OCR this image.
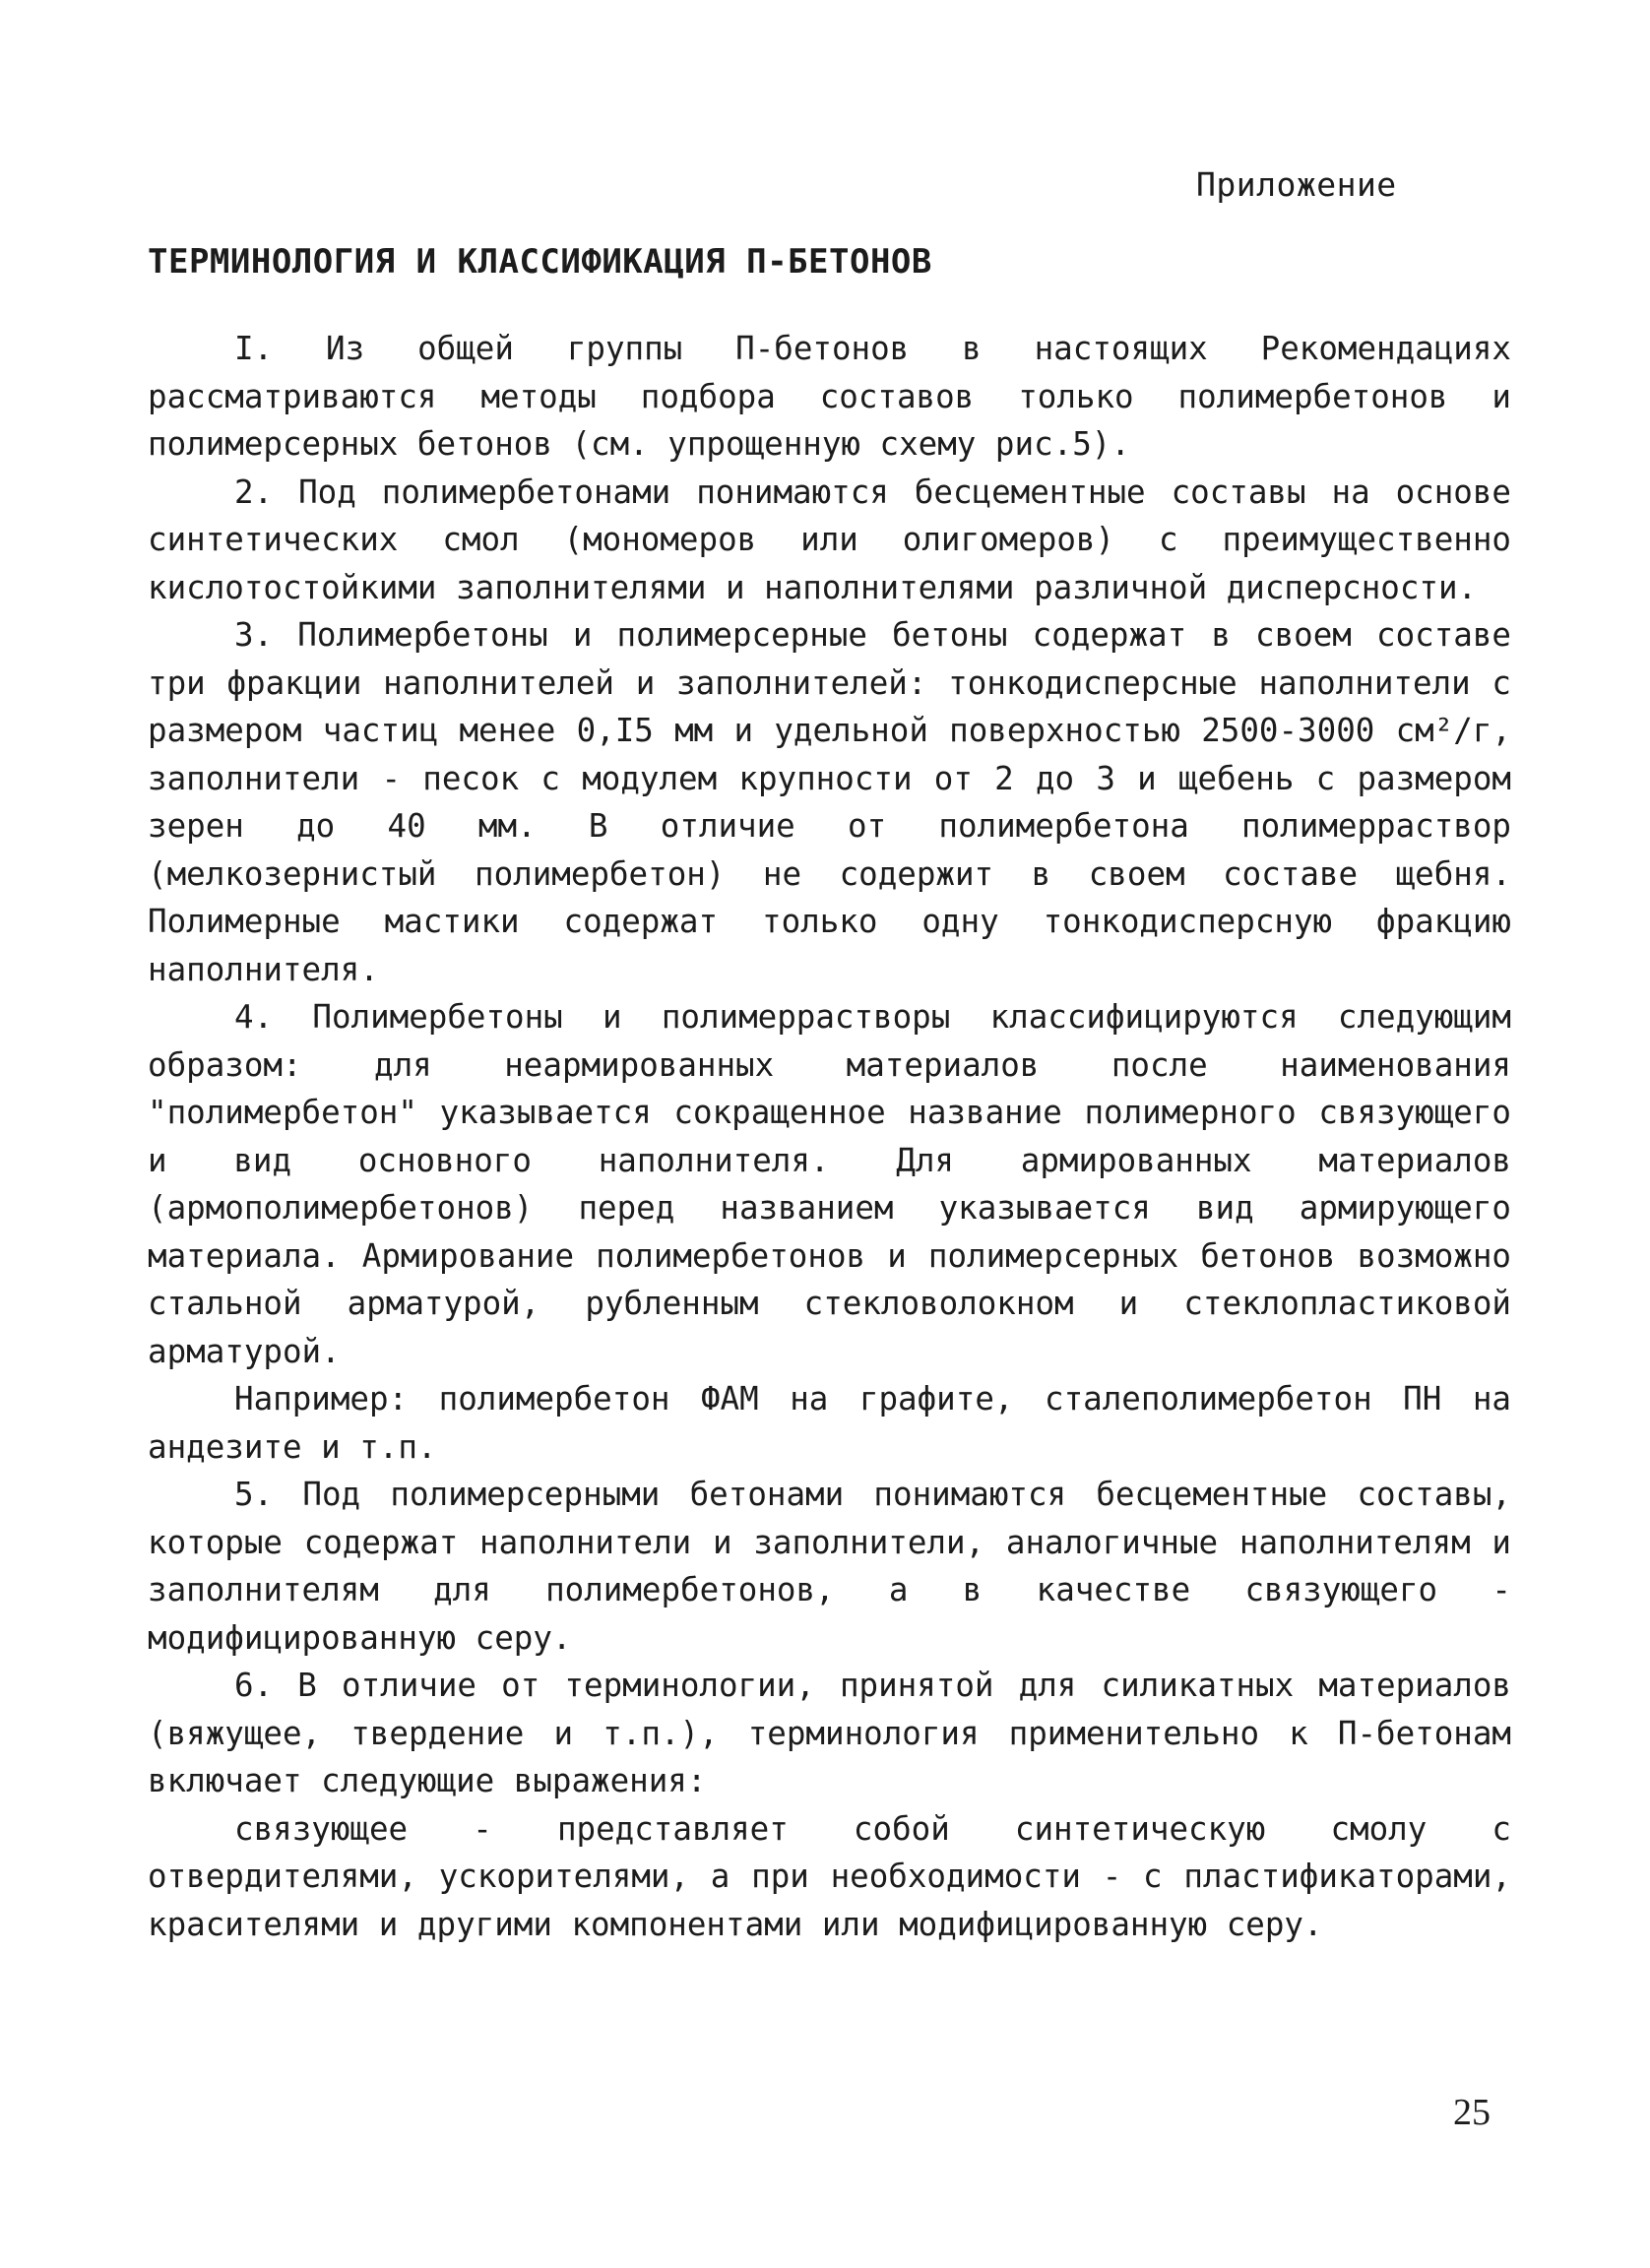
Приложение
ТЕРМИНОЛОГИЯ И КЛАССИФИКАЦИЯ П-БЕТОНОВ

I. Из общей группы П-бетонов в настоящих Рекомендациях рассматриваются методы подбора составов только полимербетонов и полимерсерных бетонов (см. упрощенную схему рис.5).

2. Под полимербетонами понимаются бесцементные составы на основе синтетических смол (мономеров или олигомеров) с преимущественно кислотостойкими заполнителями и наполнителями различной дисперсности.

3. Полимербетоны и полимерсерные бетоны содержат в своем составе три фракции наполнителей и заполнителей: тонкодисперсные наполнители с размером частиц менее 0,I5 мм и удельной поверхностью 2500-3000 см²/г, заполнители - песок с модулем крупности от 2 до 3 и щебень с размером зерен до 40 мм. В отличие от полимербетона полимерраствор (мелкозернистый полимербетон) не содержит в своем составе щебня. Полимерные мастики содержат только одну тонкодисперсную фракцию наполнителя.

4. Полимербетоны и полимеррастворы классифицируются следующим образом: для неармированных материалов после наименования "полимербетон" указывается сокращенное название полимерного связующего и вид основного наполнителя. Для армированных материалов (армополимербетонов) перед названием указывается вид армирующего материала. Армирование полимербетонов и полимерсерных бетонов возможно стальной арматурой, рубленным стекловолокном и стеклопластиковой арматурой.

Например: полимербетон ФАМ на графите, сталеполимербетон ПН на андезите и т.п.

5. Под полимерсерными бетонами понимаются бесцементные составы, которые содержат наполнители и заполнители, аналогичные наполнителям и заполнителям для полимербетонов, а в качестве связующего - модифицированную серу.

6. В отличие от терминологии, принятой для силикатных материалов (вяжущее, твердение и т.п.), терминология применительно к П-бетонам включает следующие выражения:

связующее - представляет собой синтетическую смолу с отвердителями, ускорителями, а при необходимости - с пластификаторами, красителями и другими компонентами или модифицированную серу.

25
